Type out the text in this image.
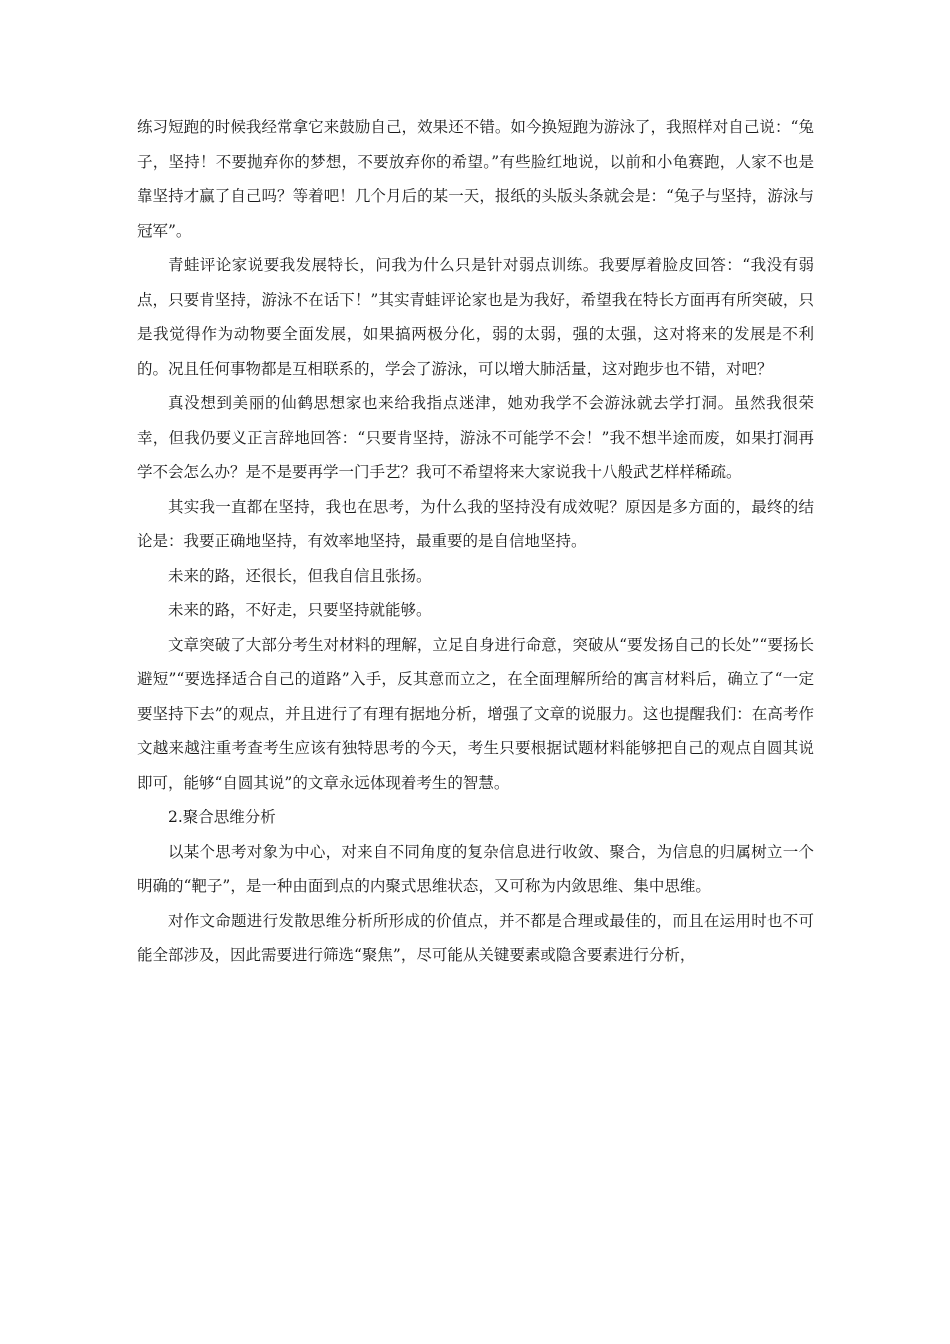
练习短跑的时候我经常拿它来鼓励自己，效果还不错。如今换短跑为游泳了，我照样对自己说：“兔子，坚持！不要抛弃你的梦想，不要放弃你的希望。”有些脸红地说，以前和小龟赛跑，人家不也是靠坚持才赢了自己吗？等着吧！几个月后的某一天，报纸的头版头条就会是：“兔子与坚持，游泳与冠军”。

青蛙评论家说要我发展特长，问我为什么只是针对弱点训练。我要厚着脸皮回答：“我没有弱点，只要肯坚持，游泳不在话下！”其实青蛙评论家也是为我好，希望我在特长方面再有所突破，只是我觉得作为动物要全面发展，如果搞两极分化，弱的太弱，强的太强，这对将来的发展是不利的。况且任何事物都是互相联系的，学会了游泳，可以增大肺活量，这对跑步也不错，对吧？

真没想到美丽的仙鹤思想家也来给我指点迷津，她劝我学不会游泳就去学打洞。虽然我很荣幸，但我仍要义正言辞地回答：“只要肯坚持，游泳不可能学不会！”我不想半途而废，如果打洞再学不会怎么办？是不是要再学一门手艺？我可不希望将来大家说我十八般武艺样样稀疏。

其实我一直都在坚持，我也在思考，为什么我的坚持没有成效呢？原因是多方面的，最终的结论是：我要正确地坚持，有效率地坚持，最重要的是自信地坚持。

未来的路，还很长，但我自信且张扬。

未来的路，不好走，只要坚持就能够。

文章突破了大部分考生对材料的理解，立足自身进行命意，突破从“要发扬自己的长处”“要扬长避短”“要选择适合自己的道路”入手，反其意而立之，在全面理解所给的寓言材料后，确立了“一定要坚持下去”的观点，并且进行了有理有据地分析，增强了文章的说服力。这也提醒我们：在高考作文越来越注重考查考生应该有独特思考的今天，考生只要根据试题材料能够把自己的观点自圆其说即可，能够“自圆其说”的文章永远体现着考生的智慧。

2.聚合思维分析

以某个思考对象为中心，对来自不同角度的复杂信息进行收敛、聚合，为信息的归属树立一个明确的“靶子”，是一种由面到点的内聚式思维状态，又可称为内敛思维、集中思维。

对作文命题进行发散思维分析所形成的价值点，并不都是合理或最佳的，而且在运用时也不可能全部涉及，因此需要进行筛选“聚焦”，尽可能从关键要素或隐含要素进行分析，
